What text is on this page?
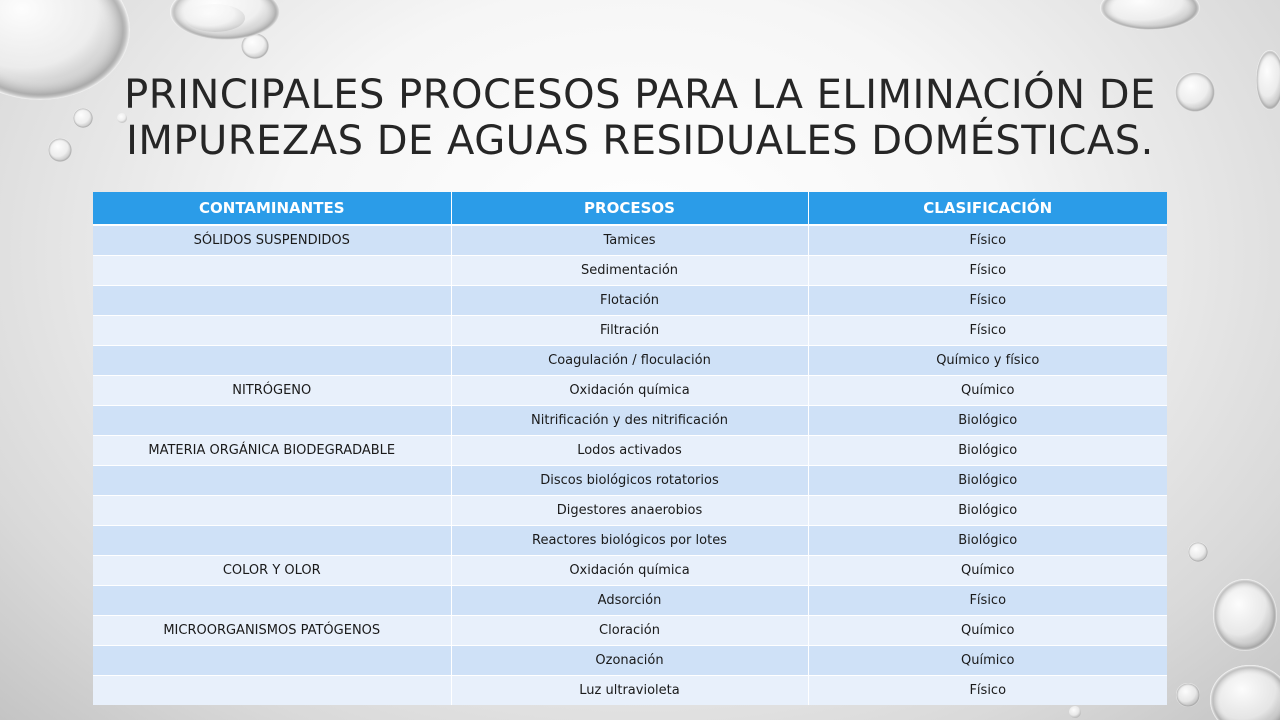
PRINCIPALES PROCESOS PARA LA ELIMINACIÓN DE
IMPUREZAS DE AGUAS RESIDUALES DOMÉSTICAS.
CONTAMINANTES	PROCESOS	CLASIFICACIÓN
SÓLIDOS SUSPENDIDOS	Tamices	Físico
	Sedimentación	Físico
	Flotación	Físico
	Filtración	Físico
	Coagulación / floculación	Químico y físico
NITRÓGENO	Oxidación química	Químico
	Nitrificación y des nitrificación	Biológico
MATERIA ORGÁNICA BIODEGRADABLE	Lodos activados	Biológico
	Discos biológicos rotatorios	Biológico
	Digestores anaerobios	Biológico
	Reactores biológicos por lotes	Biológico
COLOR Y OLOR	Oxidación química	Químico
	Adsorción	Físico
MICROORGANISMOS PATÓGENOS	Cloración	Químico
	Ozonación	Químico
	Luz ultravioleta	Físico
